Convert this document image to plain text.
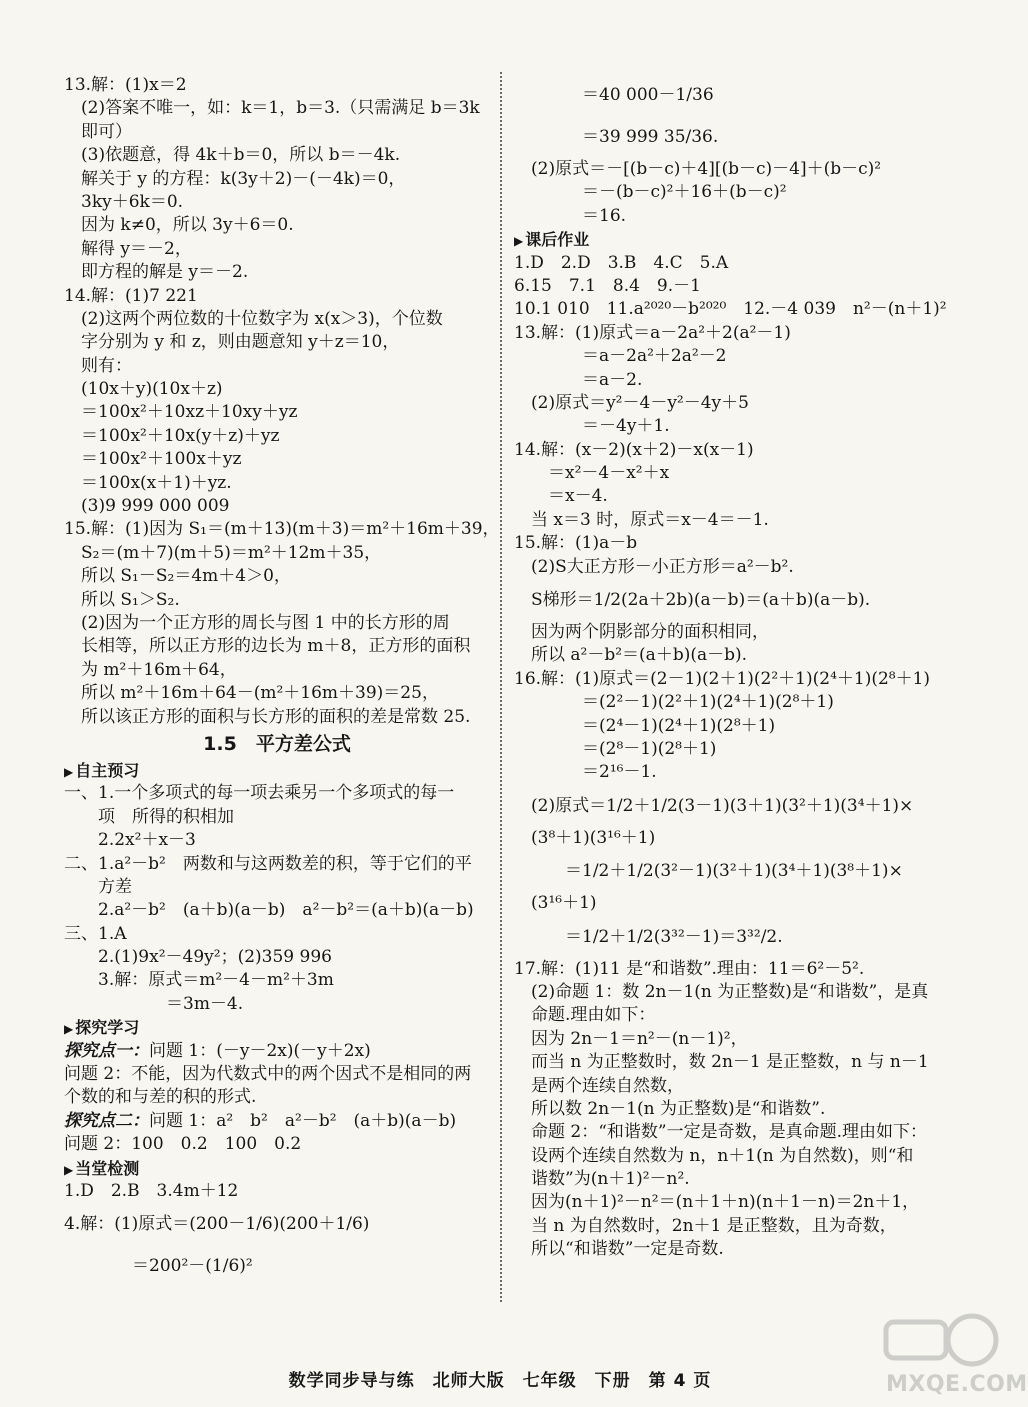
13.解：(1)x＝2
　(2)答案不唯一，如：k＝1，b＝3.（只需满足 b＝3k
　即可）
　(3)依题意，得 4k＋b＝0，所以 b＝－4k.
　解关于 y 的方程：k(3y＋2)－(－4k)＝0，
　3ky＋6k＝0.
　因为 k≠0，所以 3y＋6＝0.
　解得 y＝－2，
　即方程的解是 y＝－2.
14.解：(1)7 221
　(2)这两个两位数的十位数字为 x(x＞3)，个位数
　字分别为 y 和 z，则由题意知 y＋z＝10，
　则有：
　(10x＋y)(10x＋z)
　＝100x²＋10xz＋10xy＋yz
　＝100x²＋10x(y＋z)＋yz
　＝100x²＋100x＋yz
　＝100x(x＋1)＋yz.
　(3)9 999 000 009
15.解：(1)因为 S₁＝(m＋13)(m＋3)＝m²＋16m＋39，
　S₂＝(m＋7)(m＋5)＝m²＋12m＋35，
　所以 S₁－S₂＝4m＋4＞0，
　所以 S₁＞S₂.
　(2)因为一个正方形的周长与图 1 中的长方形的周
　长相等，所以正方形的边长为 m＋8，正方形的面积
　为 m²＋16m＋64，
　所以 m²＋16m＋64－(m²＋16m＋39)＝25，
　所以该正方形的面积与长方形的面积的差是常数 25.
1.5　平方差公式
▶ 自主预习
一、1.一个多项式的每一项去乘另一个多项式的每一
　　项　所得的积相加
　　2.2x²＋x－3
二、1.a²－b²　两数和与这两数差的积，等于它们的平
　　方差
　　2.a²－b²　(a＋b)(a－b)　a²－b²＝(a＋b)(a－b)
三、1.A
　　2.(1)9x²－49y²；(2)359 996
　　3.解：原式＝m²－4－m²＋3m
　　　　　　＝3m－4.
▶ 探究学习
探究点一：问题 1：(－y－2x)(－y＋2x)
问题 2：不能，因为代数式中的两个因式不是相同的两
个数的和与差的积的形式.
探究点二：问题 1：a²　b²　a²－b²　(a＋b)(a－b)
问题 2：100　0.2　100　0.2
▶ 当堂检测
1.D　2.B　3.4m＋12
4.解：(1)原式＝(200－1/6)(200＋1/6)
　　　　＝200²－(1/6)²
　　　　＝40 000－1/36
　　　　＝39 999 35/36.
　(2)原式＝－[(b－c)＋4][(b－c)－4]＋(b－c)²
　　　　＝－(b－c)²＋16＋(b－c)²
　　　　＝16.
▶ 课后作业
1.D　2.D　3.B　4.C　5.A
6.15　7.1　8.4　9.－1
10.1 010　11.a²⁰²⁰－b²⁰²⁰　12.－4 039　n²－(n＋1)²
13.解：(1)原式＝a－2a²＋2(a²－1)
　　　　＝a－2a²＋2a²－2
　　　　＝a－2.
　(2)原式＝y²－4－y²－4y＋5
　　　　＝－4y＋1.
14.解：(x－2)(x＋2)－x(x－1)
　　＝x²－4－x²＋x
　　＝x－4.
　当 x＝3 时，原式＝x－4＝－1.
15.解：(1)a－b
　(2)S大正方形－小正方形＝a²－b².
　S梯形＝1/2(2a＋2b)(a－b)＝(a＋b)(a－b).
　因为两个阴影部分的面积相同，
　所以 a²－b²＝(a＋b)(a－b).
16.解：(1)原式＝(2－1)(2＋1)(2²＋1)(2⁴＋1)(2⁸＋1)
　　　　＝(2²－1)(2²＋1)(2⁴＋1)(2⁸＋1)
　　　　＝(2⁴－1)(2⁴＋1)(2⁸＋1)
　　　　＝(2⁸－1)(2⁸＋1)
　　　　＝2¹⁶－1.
　(2)原式＝1/2＋1/2(3－1)(3＋1)(3²＋1)(3⁴＋1)×
　(3⁸＋1)(3¹⁶＋1)
　　　＝1/2＋1/2(3²－1)(3²＋1)(3⁴＋1)(3⁸＋1)×
　(3¹⁶＋1)
　　　＝1/2＋1/2(3³²－1)＝3³²/2.
17.解：(1)11 是“和谐数”.理由：11＝6²－5².
　(2)命题 1：数 2n－1(n 为正整数)是“和谐数”，是真
　命题.理由如下：
　因为 2n－1＝n²－(n－1)²，
　而当 n 为正整数时，数 2n－1 是正整数，n 与 n－1
　是两个连续自然数，
　所以数 2n－1(n 为正整数)是“和谐数”.
　命题 2：“和谐数”一定是奇数，是真命题.理由如下：
　设两个连续自然数为 n，n＋1(n 为自然数)，则“和
　谐数”为(n＋1)²－n².
　因为(n＋1)²－n²＝(n＋1＋n)(n＋1－n)＝2n＋1，
　当 n 为自然数时，2n＋1 是正整数，且为奇数，
　所以“和谐数”一定是奇数.
数学同步导与练　北师大版　七年级　下册　第 4 页	MXQE.COM
